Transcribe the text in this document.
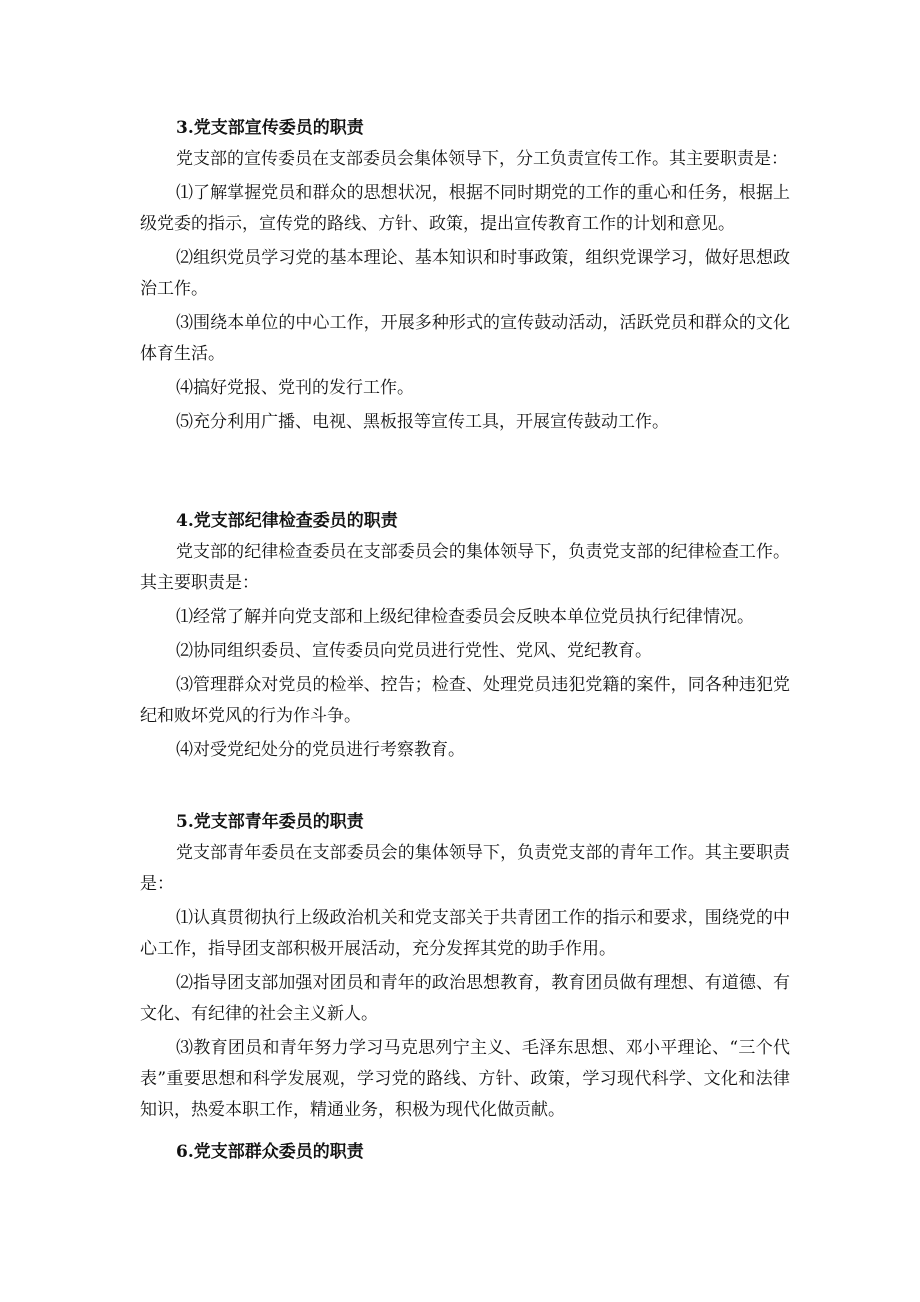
3.党支部宣传委员的职责

党支部的宣传委员在支部委员会集体领导下，分工负责宣传工作。其主要职责是：

⑴了解掌握党员和群众的思想状况，根据不同时期党的工作的重心和任务，根据上级党委的指示，宣传党的路线、方针、政策，提出宣传教育工作的计划和意见。

⑵组织党员学习党的基本理论、基本知识和时事政策，组织党课学习，做好思想政治工作。

⑶围绕本单位的中心工作，开展多种形式的宣传鼓动活动，活跃党员和群众的文化体育生活。

⑷搞好党报、党刊的发行工作。

⑸充分利用广播、电视、黑板报等宣传工具，开展宣传鼓动工作。

4.党支部纪律检查委员的职责

党支部的纪律检查委员在支部委员会的集体领导下，负责党支部的纪律检查工作。其主要职责是：

⑴经常了解并向党支部和上级纪律检查委员会反映本单位党员执行纪律情况。

⑵协同组织委员、宣传委员向党员进行党性、党风、党纪教育。

⑶管理群众对党员的检举、控告；检查、处理党员违犯党籍的案件，同各种违犯党纪和败坏党风的行为作斗争。

⑷对受党纪处分的党员进行考察教育。

5.党支部青年委员的职责

党支部青年委员在支部委员会的集体领导下，负责党支部的青年工作。其主要职责是：

⑴认真贯彻执行上级政治机关和党支部关于共青团工作的指示和要求，围绕党的中心工作，指导团支部积极开展活动，充分发挥其党的助手作用。

⑵指导团支部加强对团员和青年的政治思想教育，教育团员做有理想、有道德、有文化、有纪律的社会主义新人。

⑶教育团员和青年努力学习马克思列宁主义、毛泽东思想、邓小平理论、“三个代表”重要思想和科学发展观，学习党的路线、方针、政策，学习现代科学、文化和法律知识，热爱本职工作，精通业务，积极为现代化做贡献。

6.党支部群众委员的职责
